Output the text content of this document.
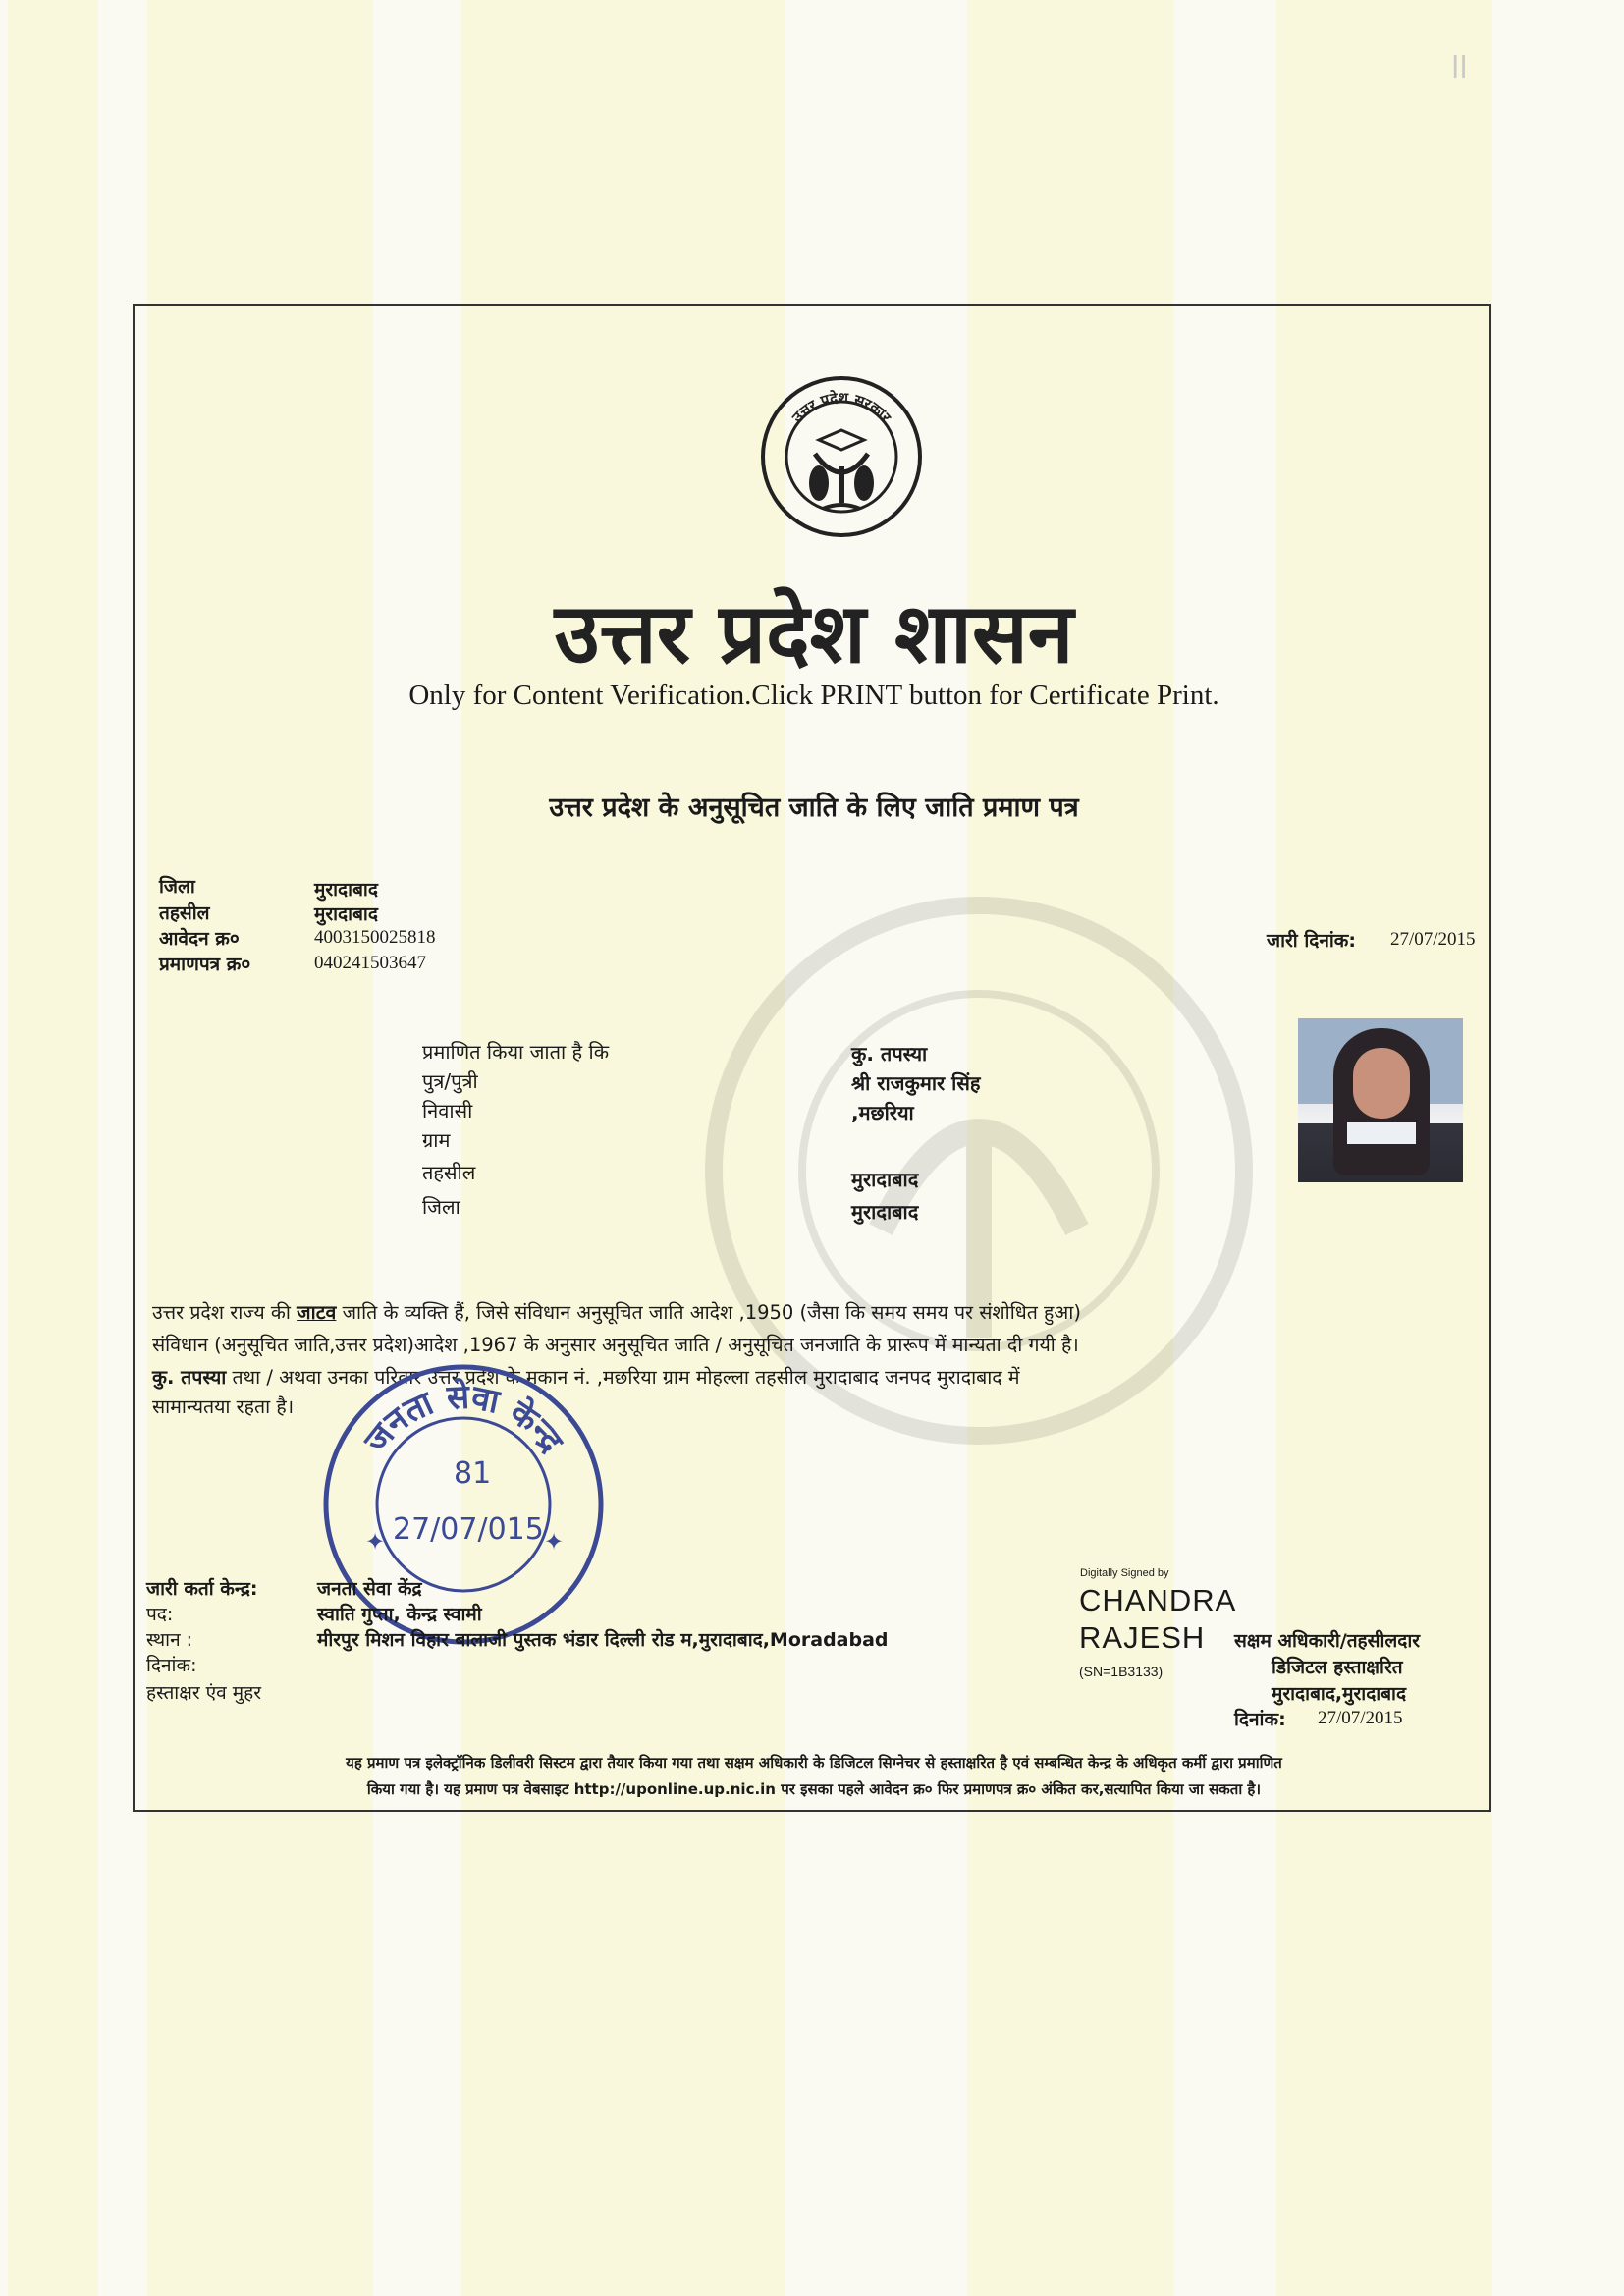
ll
उत्तर प्रदेश सरकार
उत्तर प्रदेश शासन
Only for Content Verification.Click PRINT button for Certificate Print.
उत्तर प्रदेश के अनुसूचित जाति के लिए जाति प्रमाण पत्र
जिला	मुरादाबाद
तहसील	मुरादाबाद
आवेदन क्र०	4003150025818
प्रमाणपत्र क्र०	040241503647
जारी दिनांक: 27/07/2015
प्रमाणित किया जाता है कि	कु. तपस्या
पुत्र/पुत्री	श्री राजकुमार सिंह
निवासी	,मछरिया
ग्राम
तहसील	मुरादाबाद
जिला	मुरादाबाद
उत्तर प्रदेश राज्य की जाटव जाति के व्यक्ति हैं, जिसे संविधान अनुसूचित जाति आदेश ,1950 (जैसा कि समय समय पर संशोधित हुआ)
संविधान (अनुसूचित जाति,उत्तर प्रदेश)आदेश ,1967 के अनुसार अनुसूचित जाति / अनुसूचित जनजाति के प्रारूप में मान्यता दी गयी है।
कु. तपस्या तथा / अथवा उनका परिवार उत्तर प्रदेश के मकान नं. ,मछरिया ग्राम मोहल्ला तहसील मुरादाबाद जनपद मुरादाबाद में
सामान्यतया रहता है।
जनता सेवा केन्द्र
✦	✦
81
27/07/015
जारी कर्ता केन्द्र:	जनता सेवा केंद्र
पद:	स्वाति गुप्ता, केन्द्र स्वामी
स्थान :	मीरपुर मिशन विहार बालाजी पुस्तक भंडार दिल्ली रोड म,मुरादाबाद,Moradabad
दिनांक:
हस्ताक्षर एंव मुहर
Digitally Signed by
CHANDRA
RAJESH
(SN=1B3133)
सक्षम अधिकारी/तहसीलदार
डिजिटल हस्ताक्षरित
मुरादाबाद,मुरादाबाद
दिनांक: 27/07/2015
यह प्रमाण पत्र इलेक्ट्रॉनिक डिलीवरी सिस्टम द्वारा तैयार किया गया तथा सक्षम अधिकारी के डिजिटल सिग्नेचर से हस्ताक्षरित है एवं सम्बन्धित केन्द्र के अधिकृत कर्मी द्वारा प्रमाणित
किया गया है। यह प्रमाण पत्र वेबसाइट http://uponline.up.nic.in पर इसका पहले आवेदन क्र० फिर प्रमाणपत्र क्र० अंकित कर,सत्यापित किया जा सकता है।
